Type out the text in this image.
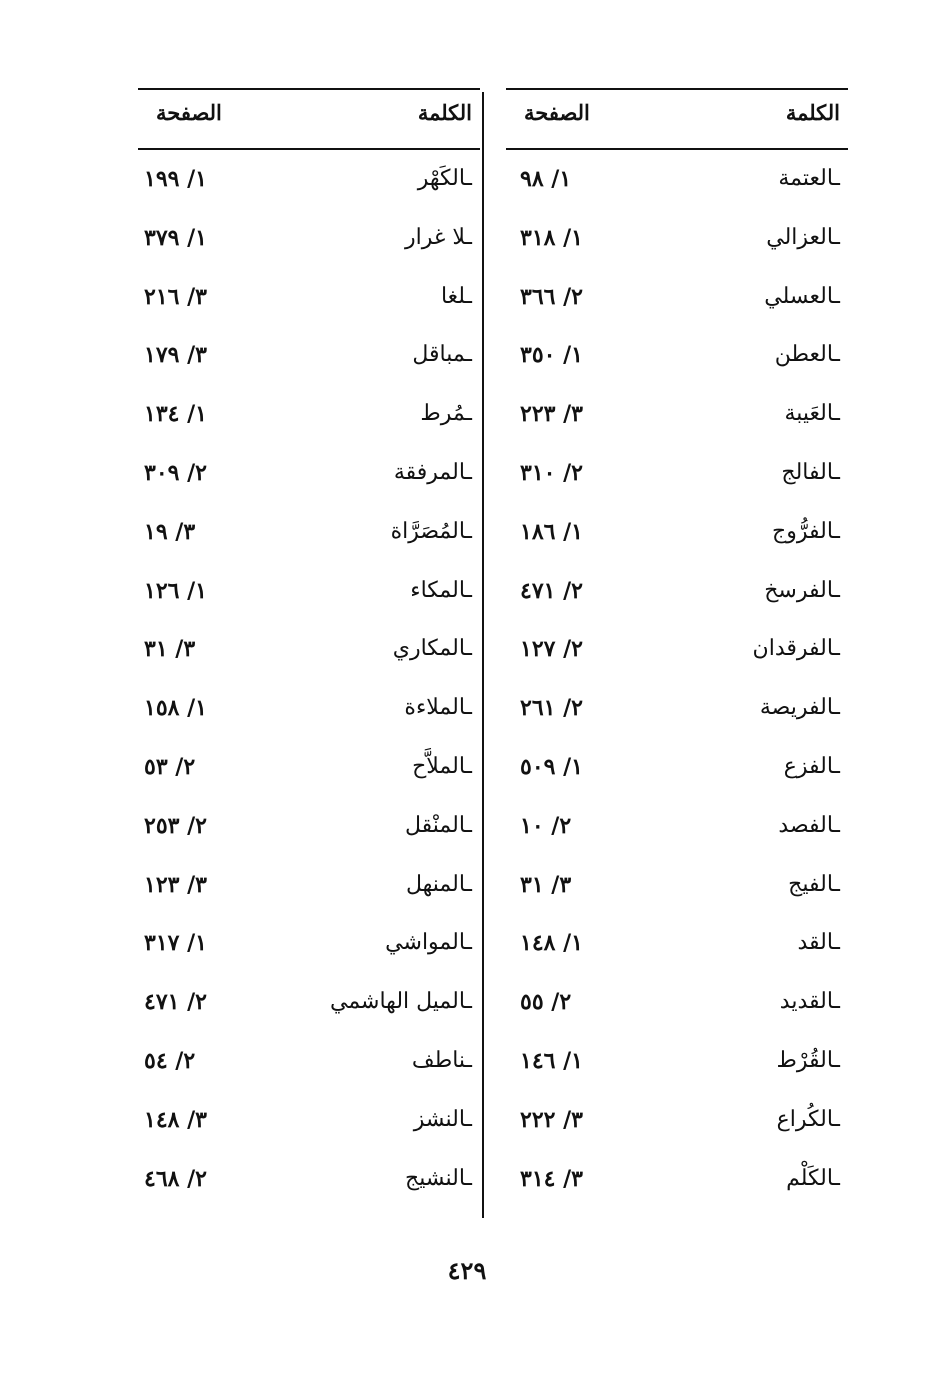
الكلمة
الصفحة
ـالعتمة
١/ ٩٨
ـالعزالي
١/ ٣١٨
ـالعسلي
٢/ ٣٦٦
ـالعطن
١/ ٣٥٠
ـالعَيبة
٣/ ٢٢٣
ـالفالج
٢/ ٣١٠
ـالفرُّوج
١/ ١٨٦
ـالفرسخ
٢/ ٤٧١
ـالفرقدان
٢/ ١٢٧
ـالفريصة
٢/ ٢٦١
ـالفزع
١/ ٥٠٩
ـالفصد
٢/ ١٠
ـالفيج
٣/ ٣١
ـالقد
١/ ١٤٨
ـالقديد
٢/ ٥٥
ـالقُرْط
١/ ١٤٦
ـالكُراع
٣/ ٢٢٢
ـالكَلْم
٣/ ٣١٤
الكلمة
الصفحة
ـالكَهْر
١/ ١٩٩
ـلا غرار
١/ ٣٧٩
ـلغا
٣/ ٢١٦
ـمباقل
٣/ ١٧٩
ـمُرط
١/ ١٣٤
ـالمرفقة
٢/ ٣٠٩
ـالمُصَرَّاة
٣/ ١٩
ـالمكاء
١/ ١٢٦
ـالمكاري
٣/ ٣١
ـالملاءة
١/ ١٥٨
ـالملاَّح
٢/ ٥٣
ـالمنْقل
٢/ ٢٥٣
ـالمنهل
٣/ ١٢٣
ـالمواشي
١/ ٣١٧
ـالميل الهاشمي
٢/ ٤٧١
ـناطف
٢/ ٥٤
ـالنشز
٣/ ١٤٨
ـالنشيج
٢/ ٤٦٨
٤٢٩
